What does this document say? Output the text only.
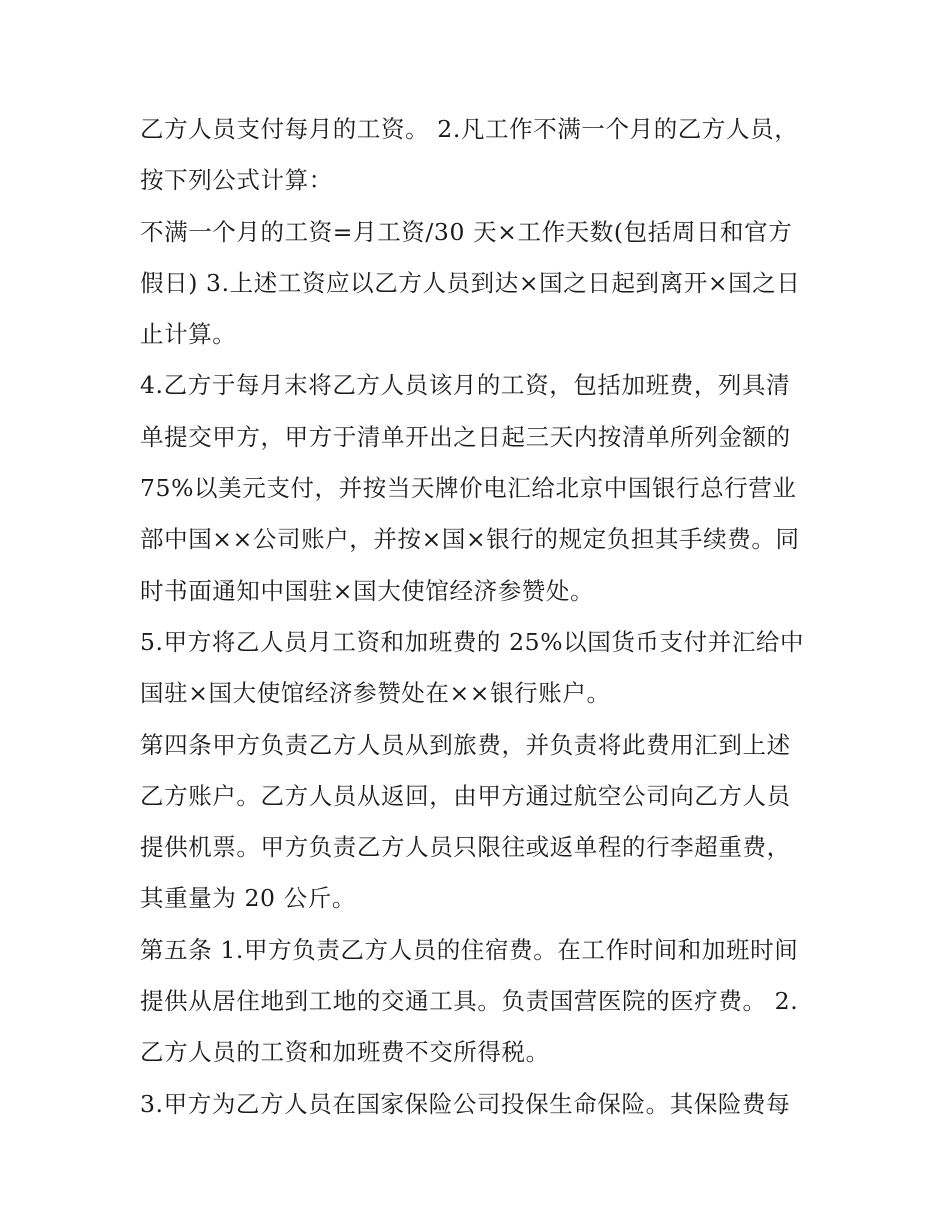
乙方人员支付每月的工资。 2.凡工作不满一个月的乙方人员，
按下列公式计算：
不满一个月的工资=月工资/30 天×工作天数(包括周日和官方
假日) 3.上述工资应以乙方人员到达×国之日起到离开×国之日
止计算。
4.乙方于每月末将乙方人员该月的工资，包括加班费，列具清
单提交甲方，甲方于清单开出之日起三天内按清单所列金额的
75%以美元支付，并按当天牌价电汇给北京中国银行总行营业
部中国××公司账户，并按×国×银行的规定负担其手续费。同
时书面通知中国驻×国大使馆经济参赞处。
5.甲方将乙人员月工资和加班费的 25%以国货币支付并汇给中
国驻×国大使馆经济参赞处在××银行账户。
第四条甲方负责乙方人员从到旅费，并负责将此费用汇到上述
乙方账户。乙方人员从返回，由甲方通过航空公司向乙方人员
提供机票。甲方负责乙方人员只限往或返单程的行李超重费，
其重量为 20 公斤。
第五条 1.甲方负责乙方人员的住宿费。在工作时间和加班时间
提供从居住地到工地的交通工具。负责国营医院的医疗费。 2.
乙方人员的工资和加班费不交所得税。
3.甲方为乙方人员在国家保险公司投保生命保险。其保险费每
